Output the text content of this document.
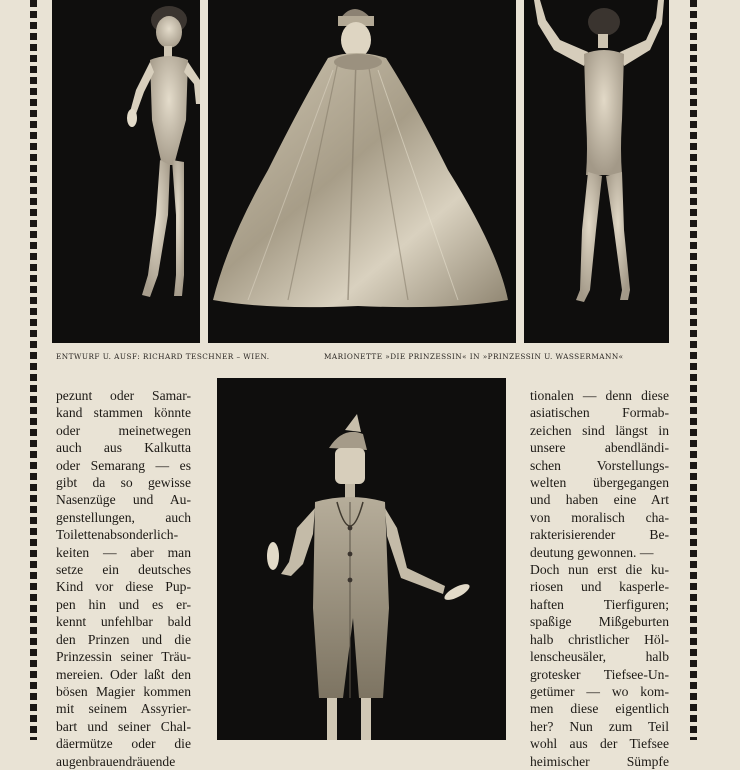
ENTWURF U. AUSF: RICHARD TESCHNER – WIEN.	MARIONETTE »DIE PRINZESSIN« IN »PRINZESSIN U. WASSERMANN«
pezunt oder Samar-
kand stammen könnte
oder meinetwegen
auch aus Kalkutta
oder Semarang — es
gibt da so gewisse
Nasenzüge und Au-
genstellungen, auch
Toilettenabsonderlich-
keiten — aber man
setze ein deutsches
Kind vor diese Pup-
pen hin und es er-
kennt unfehlbar bald
den Prinzen und die
Prinzessin seiner Träu-
mereien. Oder laßt den
bösen Magier kommen
mit seinem Assyrier-
bart und seiner Chal-
däermütze oder die
augenbrauendräuende
tionalen — denn diese
asiatischen Formab-
zeichen sind längst in
unsere abendländi-
schen Vorstellungs-
welten übergegangen
und haben eine Art
von moralisch cha-
rakterisierender Be-
deutung gewonnen. —
Doch nun erst die ku-
riosen und kasperle-
haften Tierfiguren;
spaßige Mißgeburten
halb christlicher Höl-
lenscheusäler, halb
grotesker Tiefsee-Un-
getümer — wo kom-
men diese eigentlich
her? Nun zum Teil
wohl aus der Tiefsee
heimischer Sümpfe
